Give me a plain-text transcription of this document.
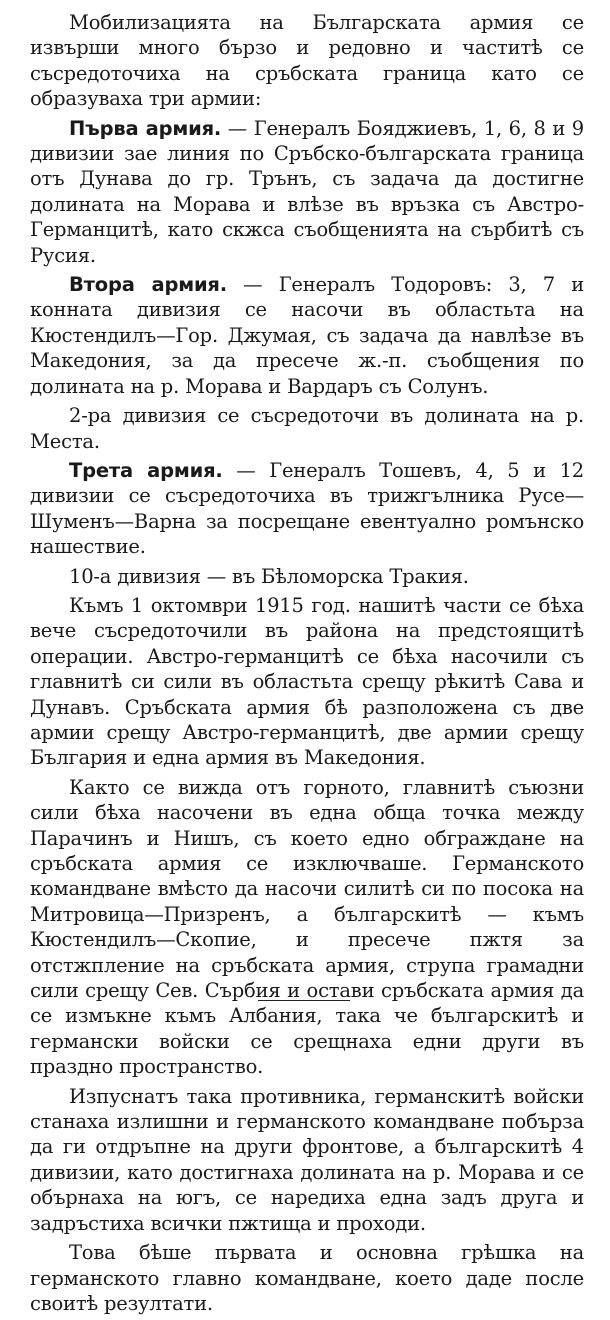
Мобилизацията на Българската армия се извърши много бързо и редовно и частитѣ се съсредоточиха на сръбската граница като се образуваха три армии:

Първа армия. — Генералъ Бояджиевъ, 1, 6, 8 и 9 дивизии зае линия по Сръбско-българската граница отъ Дунава до гр. Трънъ, съ задача да достигне долината на Морава и влѣзе въ връзка съ Австро-Германцитѣ, като скжса съобщенията на сърбитѣ съ Русия.

Втора армия. — Генералъ Тодоровъ: 3, 7 и конната дивизия се насочи въ областьта на Кюстендилъ—Гор. Джумая, съ задача да навлѣзе въ Македония, за да пресече ж.-п. съобщения по долината на р. Морава и Вардаръ съ Солунъ.

2-ра дивизия се съсредоточи въ долината на р. Места.

Трета армия. — Генералъ Тошевъ, 4, 5 и 12 дивизии се съсредоточиха въ трижгълника Русе—Шуменъ—Варна за посрещане евентуално ромънско нашествие.

10-а дивизия — въ Бѣломорска Тракия.

Къмъ 1 октомври 1915 год. нашитѣ части се бѣха вече съсредоточили въ района на предстоящитѣ операции. Австро-германцитѣ се бѣха насочили съ главнитѣ си сили въ областьта срещу рѣкитѣ Сава и Дунавъ. Сръбската армия бѣ разположена съ две армии срещу Австро-германцитѣ, две армии срещу България и една армия въ Македония.

Както се вижда отъ горното, главнитѣ съюзни сили бѣха насочени въ една обща точка между Парачинъ и Нишъ, съ което едно обграждане на сръбската армия се изключваше. Германското командване вмѣсто да насочи силитѣ си по посока на Митровица—Призренъ, а българскитѣ — къмъ Кюстендилъ—Скопие, и пресече пжтя за отстжпление на сръбската армия, струпа грамадни сили срещу Сев. Сърбия и остави сръбската армия да се измъкне къмъ Албания, така че българскитѣ и германски войски се срещнаха едни други въ праздно пространство.

Изпуснатъ така противника, германскитѣ войски станаха излишни и германското командване побърза да ги отдръпне на други фронтове, а българскитѣ 4 дивизии, като достигнаха долината на р. Морава и се обърнаха на югъ, се наредиха една задъ друга и задръстиха всички пжтища и проходи.

Това бѣше първата и основна грѣшка на германското главно командване, което даде после своитѣ резултати.
